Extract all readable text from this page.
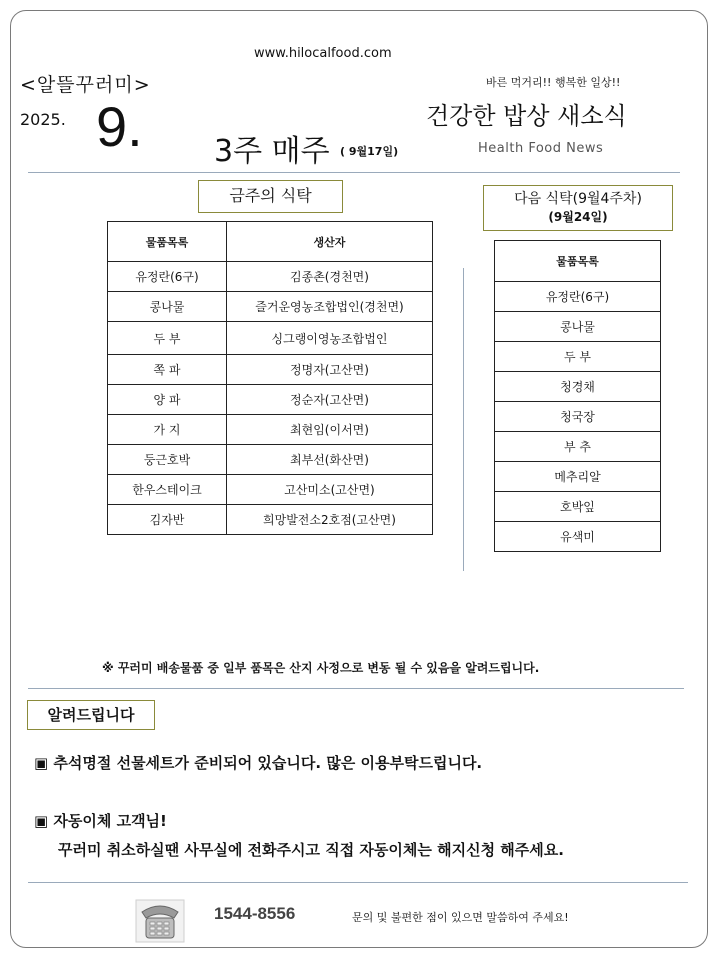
www.hilocalfood.com
<알뜰꾸러미>	바른 먹거리!! 행복한 일상!!
2025. 9. 3주 매주 ( 9월17일)
건강한 밥상 새소식
Health Food News
금주의 식탁
물품목록	생산자
유정란(6구)	김종촌(경천면)
콩나물	즐거운영농조합법인(경천면)
두 부	싱그랭이영농조합법인
쪽 파	정명자(고산면)
양 파	정순자(고산면)
가 지	최현임(이서면)
둥근호박	최부선(화산면)
한우스테이크	고산미소(고산면)
김자반	희망발전소2호점(고산면)
다음 식탁(9월4주차)
(9월24일)
물품목록
유정란(6구)
콩나물
두 부
청경채
청국장
부 추
메추리알
호박잎
유색미
※ 꾸러미 배송물품 중 일부 품목은 산지 사정으로 변동 될 수 있음을 알려드립니다.
알려드립니다
▣ 추석명절 선물세트가 준비되어 있습니다. 많은 이용부탁드립니다.
▣ 자동이체 고객님!
꾸러미 취소하실땐 사무실에 전화주시고 직접 자동이체는 해지신청 해주세요.
1544-8556	문의 및 불편한 점이 있으면 말씀하여 주세요!
